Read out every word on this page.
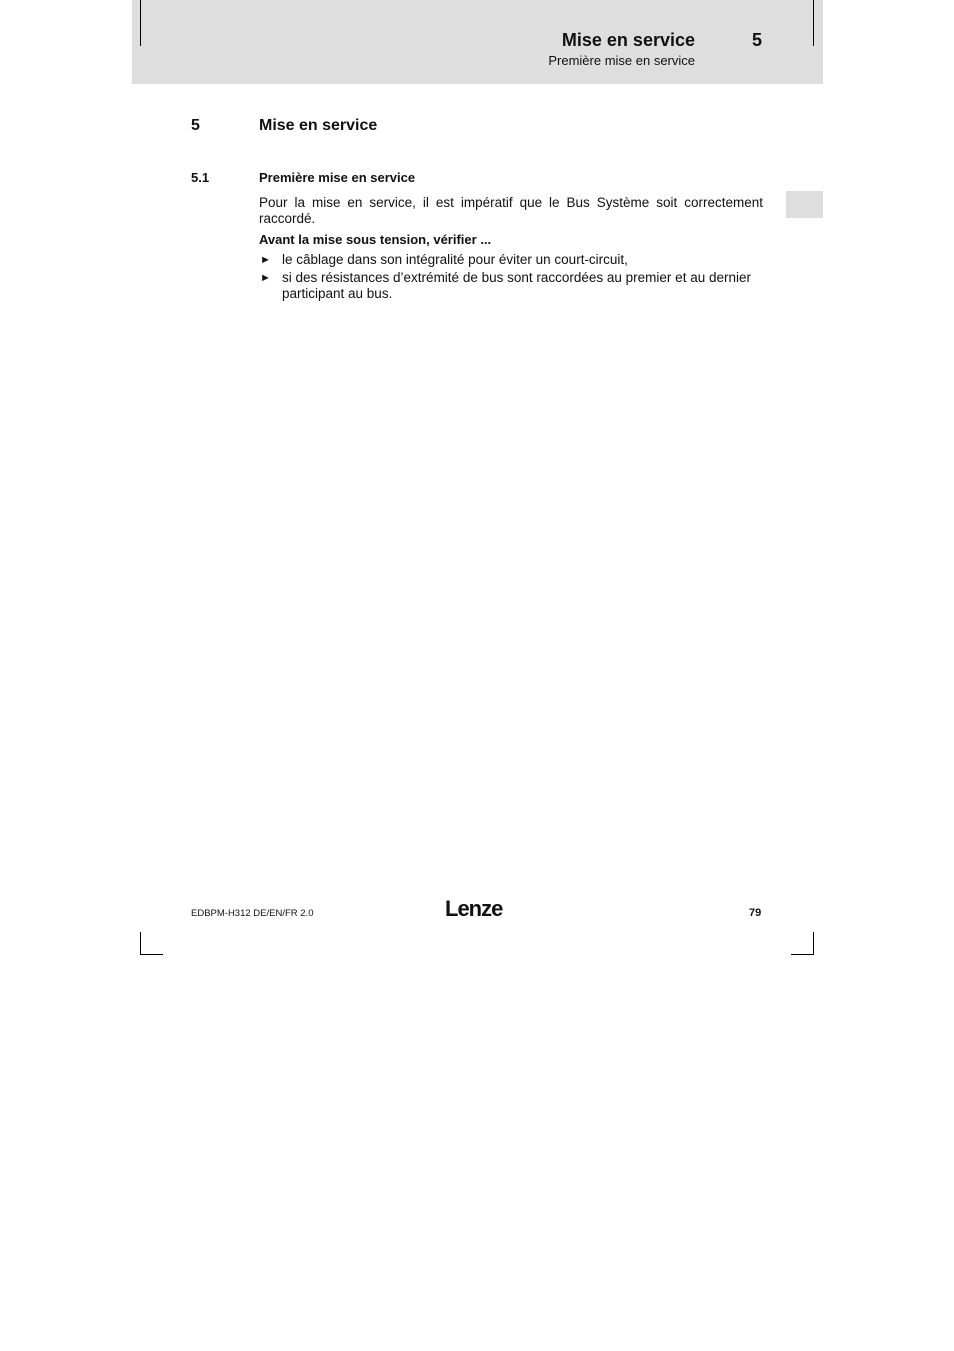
Mise en service	5
Première mise en service
5	Mise en service
5.1	Première mise en service

Pour la mise en service, il est impératif que le Bus Système soit correctement raccordé.

Avant la mise sous tension, vérifier ...
► le câblage dans son intégralité pour éviter un court-circuit,
► si des résistances d’extrémité de bus sont raccordées au premier et au dernier participant au bus.
EDBPM-H312 DE/EN/FR 2.0	Lenze	79
